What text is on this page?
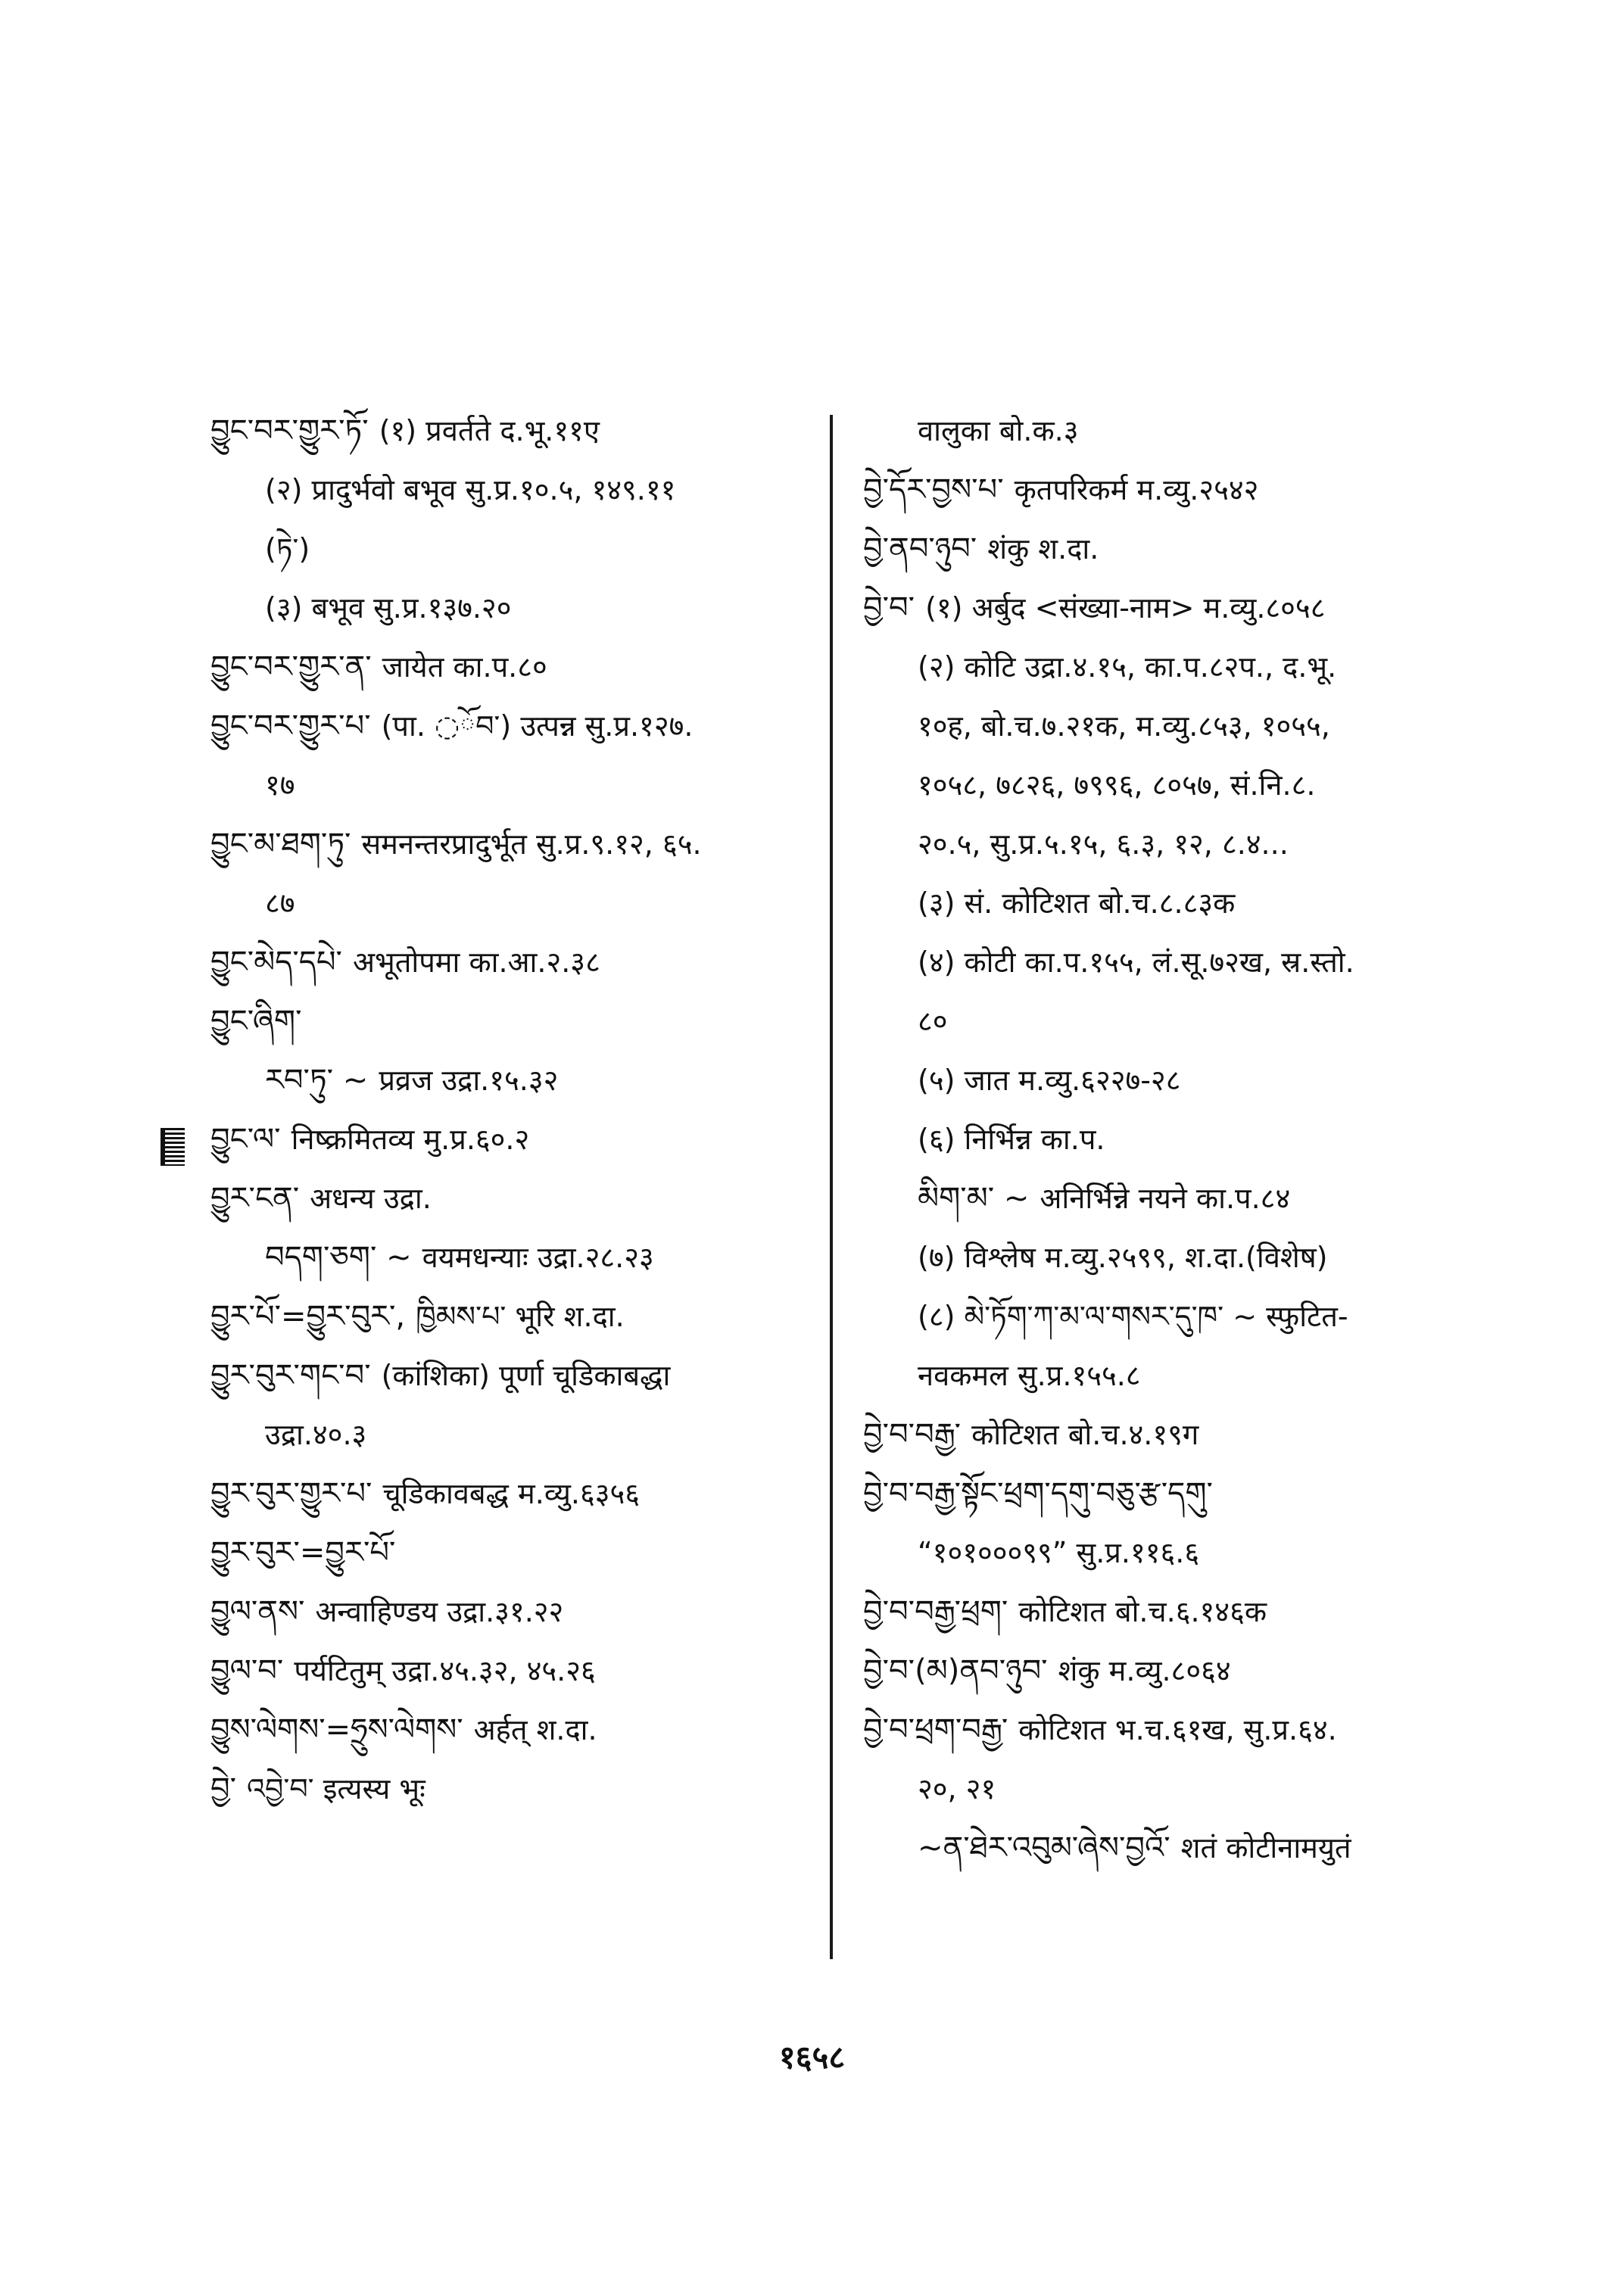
བྱུང་བར་གྱུར་ཏོ་ (१) प्रवर्तते द.भू.११ए
(२) प्रादुर्भवो बभूव सु.प्र.१०.५, १४९.११
(ཏེ་)
(३) बभूव सु.प्र.१३७.२०
བྱུང་བར་གྱུར་ན་ जायेत का.प.८०
བྱུང་བར་གྱུར་པ་ (पा. ◌ོབ་) उत्पन्न सु.प्र.१२७.
१७
བྱུང་མ་ཐག་ཏུ་ समनन्तरप्रादुर्भूत सु.प्र.९.१२, ६५.
८७
བྱུང་མེད་དཔེ་ अभूतोपमा का.आ.२.३८
བྱུང་ཞིག་
རབ་ཏུ་ ~ प्रव्रज उद्रा.१५.३२
བྱུང་ལ་ निष्क्रमितव्य मु.प्र.६०.२
བྱུར་ངན་ अधन्य उद्रा.
བདག་ཅག་ ~ वयमधन्याः उद्रा.२८.२३
བྱུར་པོ་=བྱུར་བུར་, ཁྱིམས་པ་ भूरि श.दा.
བྱུར་བུར་གང་བ་ (कांशिका) पूर्णा चूडिकाबद्धा
उद्रा.४०.३
བྱུར་བུར་གྱུར་པ་ चूडिकावबद्ध म.व्यु.६३५६
བྱུར་བུར་=བྱུར་པོ་
བྱུལ་ནས་ अन्वाहिण्डय उद्रा.३१.२२
བྱུལ་བ་ पर्यटितुम् उद्रा.४५.३२, ४५.२६
བྱུས་ལེགས་=ཧྲུས་ལེགས་ अर्हत् श.दा.
བྱེ་ འབྱེ་བ་ इत्यस्य भूः
वालुका बो.क.३
བྱེ་དོར་བྱས་པ་ कृतपरिकर्म म.व्यु.२५४२
བྱེ་ནབ་ཉུབ་ शंकु श.दा.
བྱེ་བ་ (१) अर्बुद <संख्या-नाम> म.व्यु.८०५८
(२) कोटि उद्रा.४.१५, का.प.८२प., द.भू.
१०ह, बो.च.७.२१क, म.व्यु.८५३, १०५५,
१०५८, ७८२६, ७९९६, ८०५७, सं.नि.८.
२०.५, सु.प्र.५.१५, ६.३, १२, ८.४...
(३) सं. कोटिशत बो.च.८.८३क
(४) कोटी का.प.१५५, लं.सू.७२ख, स्र.स्तो.
८०
(५) जात म.व्यु.६२२७-२८
(६) निर्भिन्न का.प.
མིག་མ་ ~ अनिर्भिन्ने नयने का.प.८४
(७) विश्लेष म.व्यु.२५९९, श.दा.(विशेष)
(८) མེ་ཏོག་ཀ་མ་ལ་གསར་དུ་ཁ་ ~ स्फुटित-
नवकमल सु.प्र.१५५.८
བྱེ་བ་བརྒྱ་ कोटिशत बो.च.४.१९ग
བྱེ་བ་བརྒྱ་སྟོང་ཕྲག་དགུ་བཅུ་རྩ་དགུ་
“१०१०००९९” सु.प्र.११६.६
བྱེ་བ་བརྒྱ་ཕྲག་ कोटिशत बो.च.६.१४६क
བྱེ་བ་(མ)ནབ་ཉུབ་ शंकु म.व्यु.८०६४
བྱེ་བ་ཕྲག་བརྒྱ་ कोटिशत भ.च.६१ख, सु.प्र.६४.
२०, २१
~ན་ཐེར་འབུམ་ཞེས་བྱའོ་ शतं कोटीनामयुतं
१६५८
